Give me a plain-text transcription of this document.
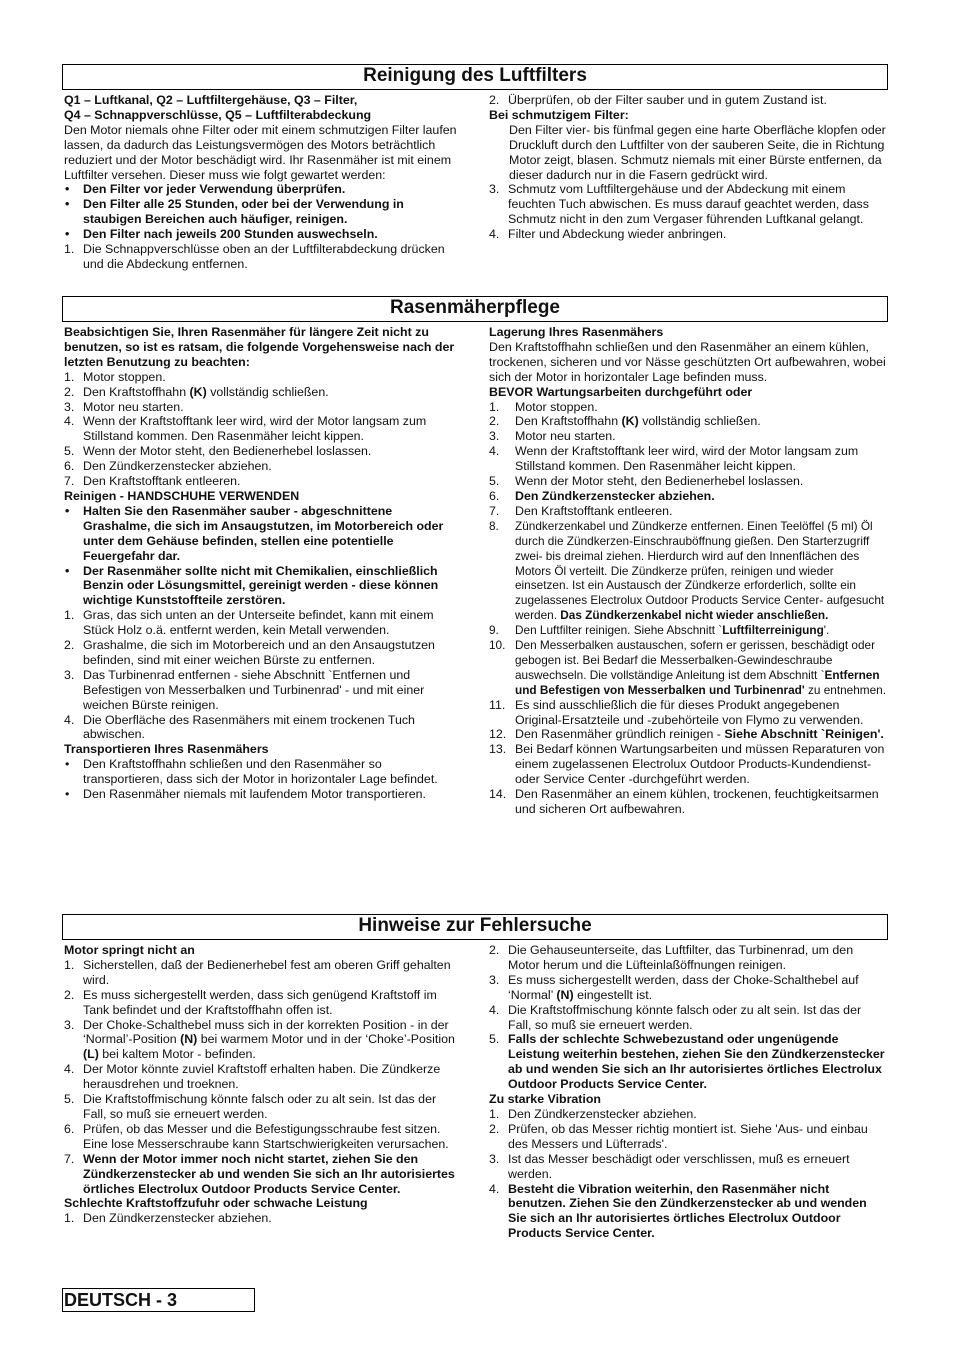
Reinigung des Luftfilters

Q1 – Luftkanal, Q2 – Luftfiltergehäuse, Q3 – Filter,

Q4 – Schnappverschlüsse, Q5 – Luftfilterabdeckung

Den Motor niemals ohne Filter oder mit einem schmutzigen Filter laufen lassen, da dadurch das Leistungsvermögen des Motors beträchtlich reduziert und der Motor beschädigt wird. Ihr Rasenmäher ist mit einem Luftfilter versehen. Dieser muss wie folgt gewartet werden:

• Den Filter vor jeder Verwendung überprüfen.

• Den Filter alle 25 Stunden, oder bei der Verwendung in staubigen Bereichen auch häufiger, reinigen.

• Den Filter nach jeweils 200 Stunden auswechseln.

1. Die Schnappverschlüsse oben an der Luftfilterabdeckung drücken und die Abdeckung entfernen.

2. Überprüfen, ob der Filter sauber und in gutem Zustand ist.

Bei schmutzigem Filter:

Den Filter vier- bis fünfmal gegen eine harte Oberfläche klopfen oder Druckluft durch den Luftfilter von der sauberen Seite, die in Richtung Motor zeigt, blasen. Schmutz niemals mit einer Bürste entfernen, da dieser dadurch nur in die Fasern gedrückt wird.

3. Schmutz vom Luftfiltergehäuse und der Abdeckung mit einem feuchten Tuch abwischen. Es muss darauf geachtet werden, dass Schmutz nicht in den zum Vergaser führenden Luftkanal gelangt.

4. Filter und Abdeckung wieder anbringen.

Rasenmäherpflege

Beabsichtigen Sie, Ihren Rasenmäher für längere Zeit nicht zu benutzen, so ist es ratsam, die folgende Vorgehensweise nach der letzten Benutzung zu beachten:

1. Motor stoppen.

2. Den Kraftstoffhahn (K) vollständig schließen.

3. Motor neu starten.

4. Wenn der Kraftstofftank leer wird, wird der Motor langsam zum Stillstand kommen. Den Rasenmäher leicht kippen.

5. Wenn der Motor steht, den Bedienerhebel loslassen.

6. Den Zündkerzenstecker abziehen.

7. Den Kraftstofftank entleeren.

Reinigen - HANDSCHUHE VERWENDEN

• Halten Sie den Rasenmäher sauber - abgeschnittene Grashalme, die sich im Ansaugstutzen, im Motorbereich oder unter dem Gehäuse befinden, stellen eine potentielle Feuergefahr dar.

• Der Rasenmäher sollte nicht mit Chemikalien, einschließlich Benzin oder Lösungsmittel, gereinigt werden - diese können wichtige Kunststoffteile zerstören.

1. Gras, das sich unten an der Unterseite befindet, kann mit einem Stück Holz o.ä. entfernt werden, kein Metall verwenden.

2. Grashalme, die sich im Motorbereich und an den Ansaugstutzen befinden, sind mit einer weichen Bürste zu entfernen.

3. Das Turbinenrad entfernen - siehe Abschnitt `Entfernen und Befestigen von Messerbalken und Turbinenrad' - und mit einer weichen Bürste reinigen.

4. Die Oberfläche des Rasenmähers mit einem trockenen Tuch abwischen.

Transportieren Ihres Rasenmähers

• Den Kraftstoffhahn schließen und den Rasenmäher so transportieren, dass sich der Motor in horizontaler Lage befindet.

• Den Rasenmäher niemals mit laufendem Motor transportieren.

Lagerung Ihres Rasenmähers

Den Kraftstoffhahn schließen und den Rasenmäher an einem kühlen, trockenen, sicheren und vor Nässe geschützten Ort aufbewahren, wobei sich der Motor in horizontaler Lage befinden muss.

BEVOR Wartungsarbeiten durchgeführt oder

1. Motor stoppen.

2. Den Kraftstoffhahn (K) vollständig schließen.

3. Motor neu starten.

4. Wenn der Kraftstofftank leer wird, wird der Motor langsam zum Stillstand kommen. Den Rasenmäher leicht kippen.

5. Wenn der Motor steht, den Bedienerhebel loslassen.

6. Den Zündkerzenstecker abziehen.

7. Den Kraftstofftank entleeren.

8. Zündkerzenkabel und Zündkerze entfernen. Einen Teelöffel (5 ml) Öl durch die Zündkerzen-Einschrauböffnung gießen. Den Starterzugriff zwei- bis dreimal ziehen. Hierdurch wird auf den Innenflächen des Motors Öl verteilt. Die Zündkerze prüfen, reinigen und wieder einsetzen. Ist ein Austausch der Zündkerze erforderlich, sollte ein zugelassenes Electrolux Outdoor Products Service Center- aufgesucht werden. Das Zündkerzenkabel nicht wieder anschließen.

9. Den Luftfilter reinigen. Siehe Abschnitt `Luftfilterreinigung'.

10. Den Messerbalken austauschen, sofern er gerissen, beschädigt oder gebogen ist. Bei Bedarf die Messerbalken-Gewindeschraube auswechseln. Die vollständige Anleitung ist dem Abschnitt `Entfernen und Befestigen von Messerbalken und Turbinenrad' zu entnehmen.

11. Es sind ausschließlich die für dieses Produkt angegebenen Original-Ersatzteile und -zubehörteile von Flymo zu verwenden.

12. Den Rasenmäher gründlich reinigen - Siehe Abschnitt `Reinigen'.

13. Bei Bedarf können Wartungsarbeiten und müssen Reparaturen von einem zugelassenen Electrolux Outdoor Products-Kundendienst- oder Service Center -durchgeführt werden.

14. Den Rasenmäher an einem kühlen, trockenen, feuchtigkeitsarmen und sicheren Ort aufbewahren.

Hinweise zur Fehlersuche

Motor springt nicht an

1. Sicherstellen, daß der Bedienerhebel fest am oberen Griff gehalten wird.

2. Es muss sichergestellt werden, dass sich genügend Kraftstoff im Tank befindet und der Kraftstoffhahn offen ist.

3. Der Choke-Schalthebel muss sich in der korrekten Position - in der ‘Normal’-Position (N) bei warmem Motor und in der ‘Choke’-Position (L) bei kaltem Motor - befinden.

4. Der Motor könnte zuviel Kraftstoff erhalten haben. Die Zündkerze herausdrehen und troeknen.

5. Die Kraftstoffmischung könnte falsch oder zu alt sein. Ist das der Fall, so muß sie erneuert werden.

6. Prüfen, ob das Messer und die Befestigungsschraube fest sitzen. Eine lose Messerschraube kann Startschwierigkeiten verursachen.

7. Wenn der Motor immer noch nicht startet, ziehen Sie den Zündkerzenstecker ab und wenden Sie sich an Ihr autorisiertes örtliches Electrolux Outdoor Products Service Center.

Schlechte Kraftstoffzufuhr oder schwache Leistung

1. Den Zündkerzenstecker abziehen.

2. Die Gehauseunterseite, das Luftfilter, das Turbinenrad, um den Motor herum und die Lüfteinlaßöffnungen reinigen.

3. Es muss sichergestellt werden, dass der Choke-Schalthebel auf ‘Normal’ (N) eingestellt ist.

4. Die Kraftstoffmischung könnte falsch oder zu alt sein. Ist das der Fall, so muß sie erneuert werden.

5. Falls der schlechte Schwebezustand oder ungenügende Leistung weiterhin bestehen, ziehen Sie den Zündkerzenstecker ab und wenden Sie sich an Ihr autorisiertes örtliches Electrolux Outdoor Products Service Center.

Zu starke Vibration

1. Den Zündkerzenstecker abziehen.

2. Prüfen, ob das Messer richtig montiert ist. Siehe 'Aus- und einbau des Messers und Lüfterrads'.

3. Ist das Messer beschädigt oder verschlissen, muß es erneuert werden.

4. Besteht die Vibration weiterhin, den Rasenmäher nicht benutzen. Ziehen Sie den Zündkerzenstecker ab und wenden Sie sich an Ihr autorisiertes örtliches Electrolux Outdoor Products Service Center.

DEUTSCH - 3
